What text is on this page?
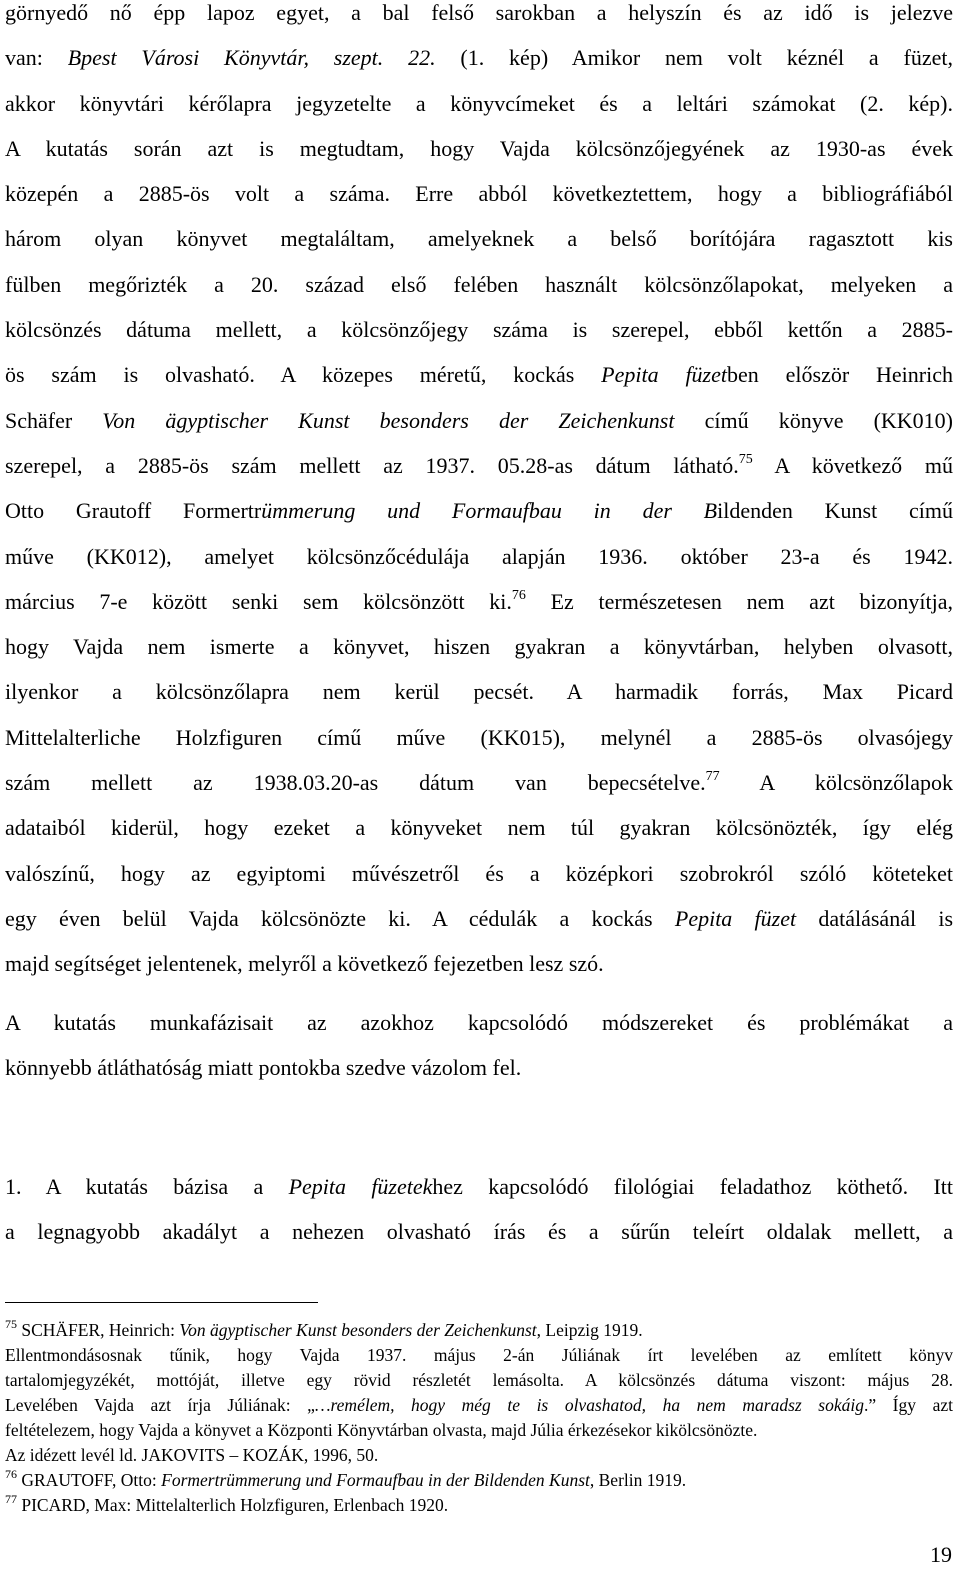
görnyedő nő épp lapoz egyet, a bal felső sarokban a helyszín és az idő is jelezve
van: Bpest Városi Könyvtár, szept. 22. (1. kép) Amikor nem volt kéznél a füzet,
akkor könyvtári kérőlapra jegyzetelte a könyvcímeket és a leltári számokat (2. kép).
A kutatás során azt is megtudtam, hogy Vajda kölcsönzőjegyének az 1930-as évek
közepén a 2885-ös volt a száma. Erre abból következtettem, hogy a bibliográfiából
három olyan könyvet megtaláltam, amelyeknek a belső borítójára ragasztott kis
fülben megőrizték a 20. század első felében használt kölcsönzőlapokat, melyeken a
kölcsönzés dátuma mellett, a kölcsönzőjegy száma is szerepel, ebből kettőn a 2885-
ös szám is olvasható. A közepes méretű, kockás Pepita füzetben először Heinrich
Schäfer Von ägyptischer Kunst besonders der Zeichenkunst című könyve (KK010)
szerepel, a 2885-ös szám mellett az 1937. 05.28-as dátum látható.$^{75}$ A következő mű
Otto Grautoff Formertrümmerung und Formaufbau in der Bildenden Kunst című
műve (KK012), amelyet kölcsönzőcédulája alapján 1936. október 23-a és 1942.
március 7-e között senki sem kölcsönzött ki.$^{76}$ Ez természetesen nem azt bizonyítja,
hogy Vajda nem ismerte a könyvet, hiszen gyakran a könyvtárban, helyben olvasott,
ilyenkor a kölcsönzőlapra nem kerül pecsét. A harmadik forrás, Max Picard
Mittelalterliche Holzfiguren című műve (KK015), melynél a 2885-ös olvasójegy
szám mellett az 1938.03.20-as dátum van bepecsételve.$^{77}$ A kölcsönzőlapok
adataiból kiderül, hogy ezeket a könyveket nem túl gyakran kölcsönözték, így elég
valószínű, hogy az egyiptomi művészetről és a középkori szobrokról szóló köteteket
egy éven belül Vajda kölcsönözte ki. A cédulák a kockás Pepita füzet datálásánál is
majd segítséget jelentenek, melyről a következő fejezetben lesz szó.
A kutatás munkafázisait az azokhoz kapcsolódó módszereket és problémákat a
könnyebb átláthatóság miatt pontokba szedve vázolom fel.
1. A kutatás bázisa a Pepita füzetekhez kapcsolódó filológiai feladathoz köthető. Itt
a legnagyobb akadályt a nehezen olvasható írás és a sűrűn teleírt oldalak mellett, a
$^{75}$ SCHÄFER, Heinrich: Von ägyptischer Kunst besonders der Zeichenkunst, Leipzig 1919.
Ellentmondásosnak tűnik, hogy Vajda 1937. május 2-án Júliának írt levelében az említett könyv
tartalomjegyzékét, mottóját, illetve egy rövid részletét lemásolta. A kölcsönzés dátuma viszont: május 28.
Levelében Vajda azt írja Júliának: „…remélem, hogy még te is olvashatod, ha nem maradsz sokáig.” Így azt
feltételezem, hogy Vajda a könyvet a Központi Könyvtárban olvasta, majd Júlia érkezésekor kikölcsönözte.
Az idézett levél ld. JAKOVITS – KOZÁK, 1996, 50.
$^{76}$ GRAUTOFF, Otto: Formertrümmerung und Formaufbau in der Bildenden Kunst, Berlin 1919.
$^{77}$ PICARD, Max: Mittelalterlich Holzfiguren, Erlenbach 1920.
19
